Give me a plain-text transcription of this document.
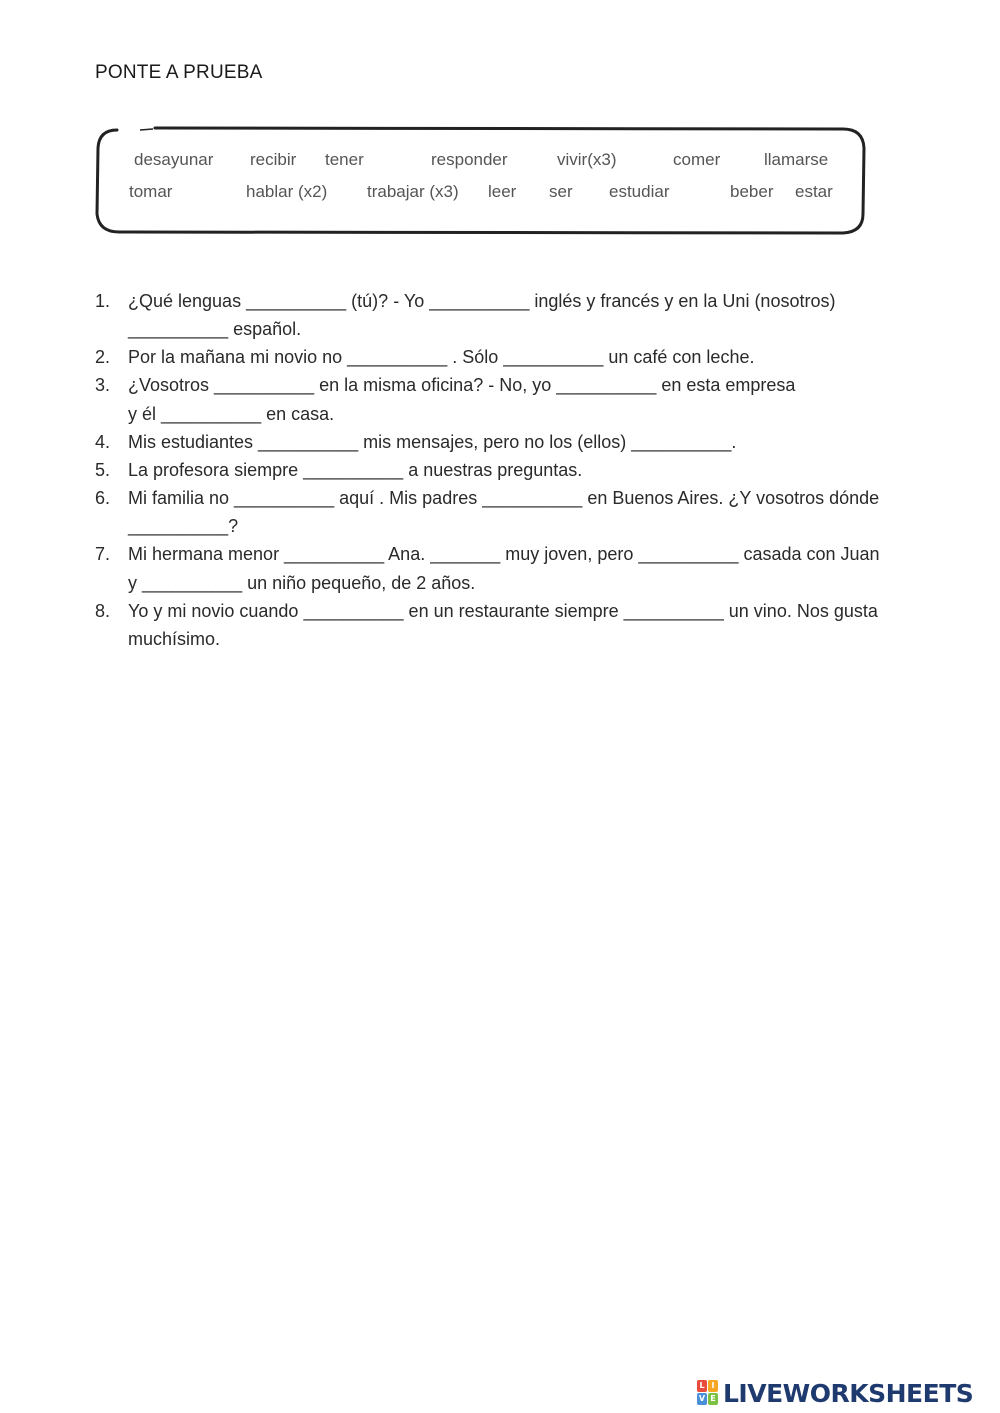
PONTE A PRUEBA
desayunar recibir tener	responder	vivir(x3)	comer	llamarse
tomar	hablar (x2) trabajar (x3) leer ser estudiar	beber estar
1. ¿Qué lenguas __________ (tú)? - Yo __________ inglés y francés y en la Uni (nosotros)
__________ español.
2. Por la mañana mi novio no __________ . Sólo __________ un café con leche.
3. ¿Vosotros __________ en la misma oficina? - No, yo __________ en esta empresa
y él __________ en casa.
4. Mis estudiantes __________ mis mensajes, pero no los (ellos) __________.
5. La profesora siempre __________ a nuestras preguntas.
6. Mi familia no __________ aquí . Mis padres __________ en Buenos Aires. ¿Y vosotros dónde
__________?
7. Mi hermana menor __________ Ana. _______ muy joven, pero __________ casada con Juan
y __________ un niño pequeño, de 2 años.
8. Yo y mi novio cuando __________ en un restaurante siempre __________ un vino. Nos gusta
muchísimo.
L I
V E LIVEWORKSHEETS
